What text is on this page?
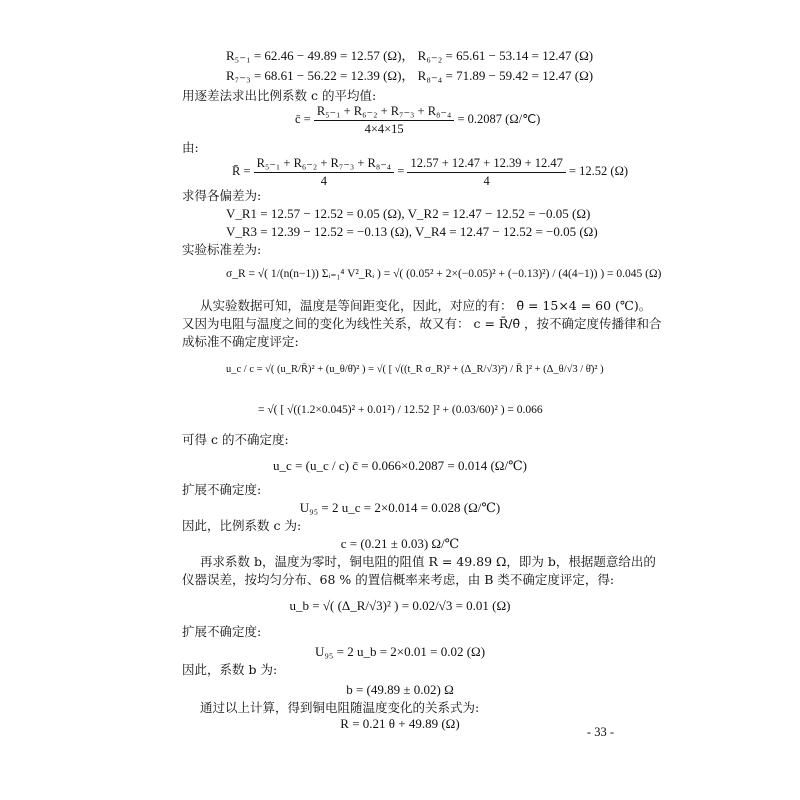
R₅₋₁ = 62.46 − 49.89 = 12.57 (Ω)， R₆₋₂ = 65.61 − 53.14 = 12.47 (Ω)
R₇₋₃ = 68.61 − 56.22 = 12.39 (Ω)， R₈₋₄ = 71.89 − 59.42 = 12.47 (Ω)
用逐差法求出比例系数 c 的平均值:
c̄ = $\frac{\text{R₅₋₁ + R₆₋₂ + R₇₋₃ + R₈₋₄}}{4\times 4\times 15} = 0.2087$ (Ω/℃)
由:
R̄ = $\frac{\text{R₅₋₁ + R₆₋₂ + R₇₋₃ + R₈₋₄}}{4} = \frac{12.57 + 12.47 + 12.39 + 12.47}{4} = 12.52$ (Ω)
求得各偏差为:
V_R1 = 12.57 − 12.52 = 0.05 (Ω), V_R2 = 12.47 − 12.52 = −0.05 (Ω)
V_R3 = 12.39 − 12.52 = −0.13 (Ω), V_R4 = 12.47 − 12.52 = −0.05 (Ω)
实验标准差为:
σ_R = √( 1/(n(n−1)) Σᵢ₌₁⁴ V²_Rᵢ ) = √( (0.05² + 2×(−0.05)² + (−0.13)²) / (4(4−1)) ) = 0.045 (Ω)
从实验数据可知，温度是等间距变化，因此，对应的有： θ̄ = 15×4 = 60 (℃)。
又因为电阻与温度之间的变化为线性关系，故又有： c = R̄/θ̄ ，按不确定度传播律和合
成标准不确定度评定:
u_c / c = √( (u_R/R̄)² + (u_θ/θ̄)² ) = √( [ √((t_R σ_R)² + (Δ_R/√3)²) / R̄ ]² + (Δ_θ/√3 / θ̄)² )
= √( [ √((1.2×0.045)² + 0.01²) / 12.52 ]² + (0.03/60)² ) = 0.066
可得 c 的不确定度:
u_c = (u_c / c) c̄ = 0.066×0.2087 = 0.014 (Ω/℃)
扩展不确定度:
U₉₅ = 2 u_c = 2×0.014 = 0.028 (Ω/℃)
因此，比例系数 c 为:
c = (0.21 ± 0.03) Ω/℃
再求系数 b，温度为零时，铜电阻的阻值 R = 49.89 Ω，即为 b，根据题意给出的
仪器误差，按均匀分布、68 % 的置信概率来考虑，由 B 类不确定度评定，得:
u_b = √( (Δ_R/√3)² ) = 0.02/√3 = 0.01 (Ω)
扩展不确定度:
U₉₅ = 2 u_b = 2×0.01 = 0.02 (Ω)
因此，系数 b 为:
b = (49.89 ± 0.02) Ω
通过以上计算，得到铜电阻随温度变化的关系式为:
R = 0.21 θ + 49.89 (Ω)
- 33 -
